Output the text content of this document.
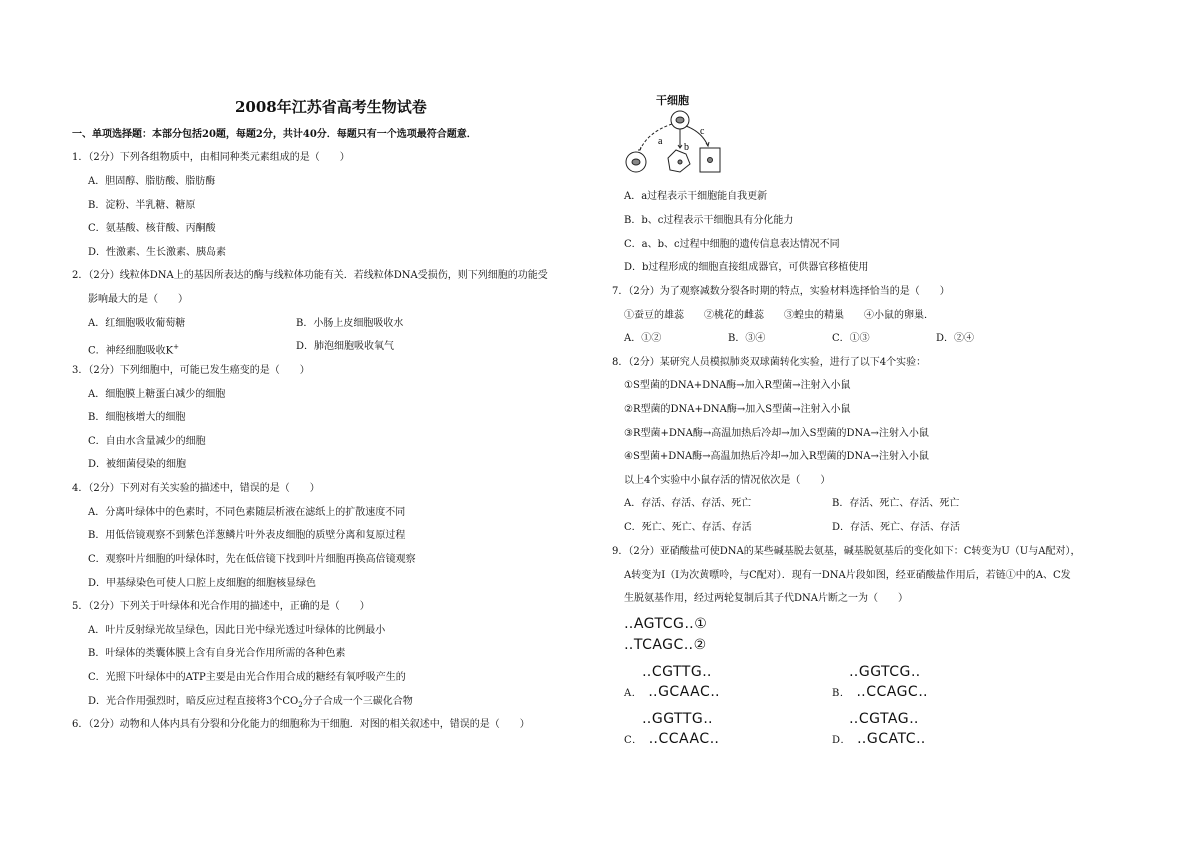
2008年江苏省高考生物试卷
一、单项选择题：本部分包括20题，每题2分，共计40分．每题只有一个选项最符合题意．
1．（2分）下列各组物质中，由相同种类元素组成的是（　　）
A．胆固醇、脂肪酸、脂肪酶
B．淀粉、半乳糖、糖原
C．氨基酸、核苷酸、丙酮酸
D．性激素、生长激素、胰岛素
2．（2分）线粒体DNA上的基因所表达的酶与线粒体功能有关．若线粒体DNA受损伤，则下列细胞的功能受
影响最大的是（　　）
A．红细胞吸收葡萄糖	B．小肠上皮细胞吸收水
C．神经细胞吸收K+	D．肺泡细胞吸收氧气
3．（2分）下列细胞中，可能已发生癌变的是（　　）
A．细胞膜上糖蛋白减少的细胞
B．细胞核增大的细胞
C．自由水含量减少的细胞
D．被细菌侵染的细胞
4．（2分）下列对有关实验的描述中，错误的是（　　）
A．分离叶绿体中的色素时，不同色素随层析液在滤纸上的扩散速度不同
B．用低倍镜观察不到紫色洋葱鳞片叶外表皮细胞的质壁分离和复原过程
C．观察叶片细胞的叶绿体时，先在低倍镜下找到叶片细胞再换高倍镜观察
D．甲基绿染色可使人口腔上皮细胞的细胞核显绿色
5．（2分）下列关于叶绿体和光合作用的描述中，正确的是（　　）
A．叶片反射绿光故呈绿色，因此日光中绿光透过叶绿体的比例最小
B．叶绿体的类囊体膜上含有自身光合作用所需的各种色素
C．光照下叶绿体中的ATP主要是由光合作用合成的糖经有氧呼吸产生的
D．光合作用强烈时，暗反应过程直接将3个$CO_2$分子合成一个三碳化合物
6．（2分）动物和人体内具有分裂和分化能力的细胞称为干细胞．对图的相关叙述中，错误的是（　　）
干细胞
a
b
c
A．a过程表示干细胞能自我更新
B．b、c过程表示干细胞具有分化能力
C．a、b、c过程中细胞的遗传信息表达情况不同
D．b过程形成的细胞直接组成器官，可供器官移植使用
7．（2分）为了观察减数分裂各时期的特点，实验材料选择恰当的是（　　）
①蚕豆的雄蕊　　②桃花的雌蕊　　③蝗虫的精巢　　④小鼠的卵巢．
A．①②	B．③④	C．①③	D．②④
8．（2分）某研究人员模拟肺炎双球菌转化实验，进行了以下4个实验：
①S型菌的DNA+DNA酶→加入R型菌→注射入小鼠
②R型菌的DNA+DNA酶→加入S型菌→注射入小鼠
③R型菌+DNA酶→高温加热后冷却→加入S型菌的DNA→注射入小鼠
④S型菌+DNA酶→高温加热后冷却→加入R型菌的DNA→注射入小鼠
以上4个实验中小鼠存活的情况依次是（　　）
A．存活、存活、存活、死亡	B．存活、死亡、存活、死亡
C．死亡、死亡、存活、存活	D．存活、死亡、存活、存活
9．（2分）亚硝酸盐可使DNA的某些碱基脱去氨基，碱基脱氨基后的变化如下：C转变为U（U与A配对），
A转变为I（I为次黄嘌呤，与C配对）．现有一DNA片段如图，经亚硝酸盐作用后，若链①中的A、C发
生脱氨基作用，经过两轮复制后其子代DNA片断之一为（　　）
‥AGTCG‥①
‥TCAGC‥②
‥CGTTG‥
A． ‥GCAAC‥
‥GGTCG‥
B． ‥CCAGC‥
‥GGTTG‥
C． ‥CCAAC‥
‥CGTAG‥
D． ‥GCATC‥
